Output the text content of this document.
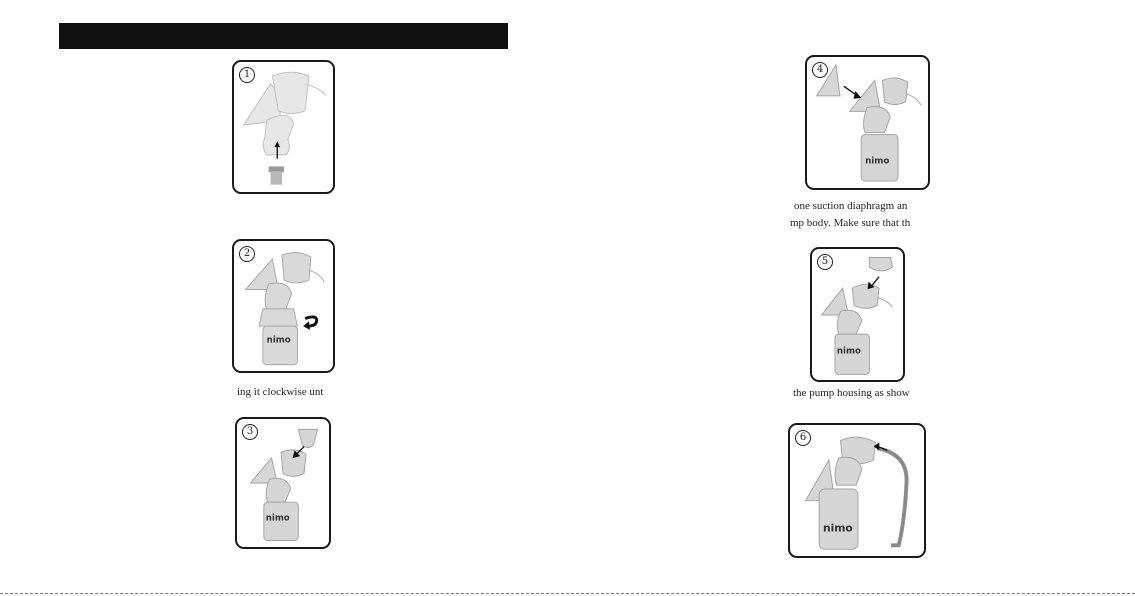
1
nimo
2
ing it clockwise unt
nimo
3
nimo
4
one suction diaphragm an
mp body. Make sure that th
nimo
5
the pump housing as show
nimo
6
